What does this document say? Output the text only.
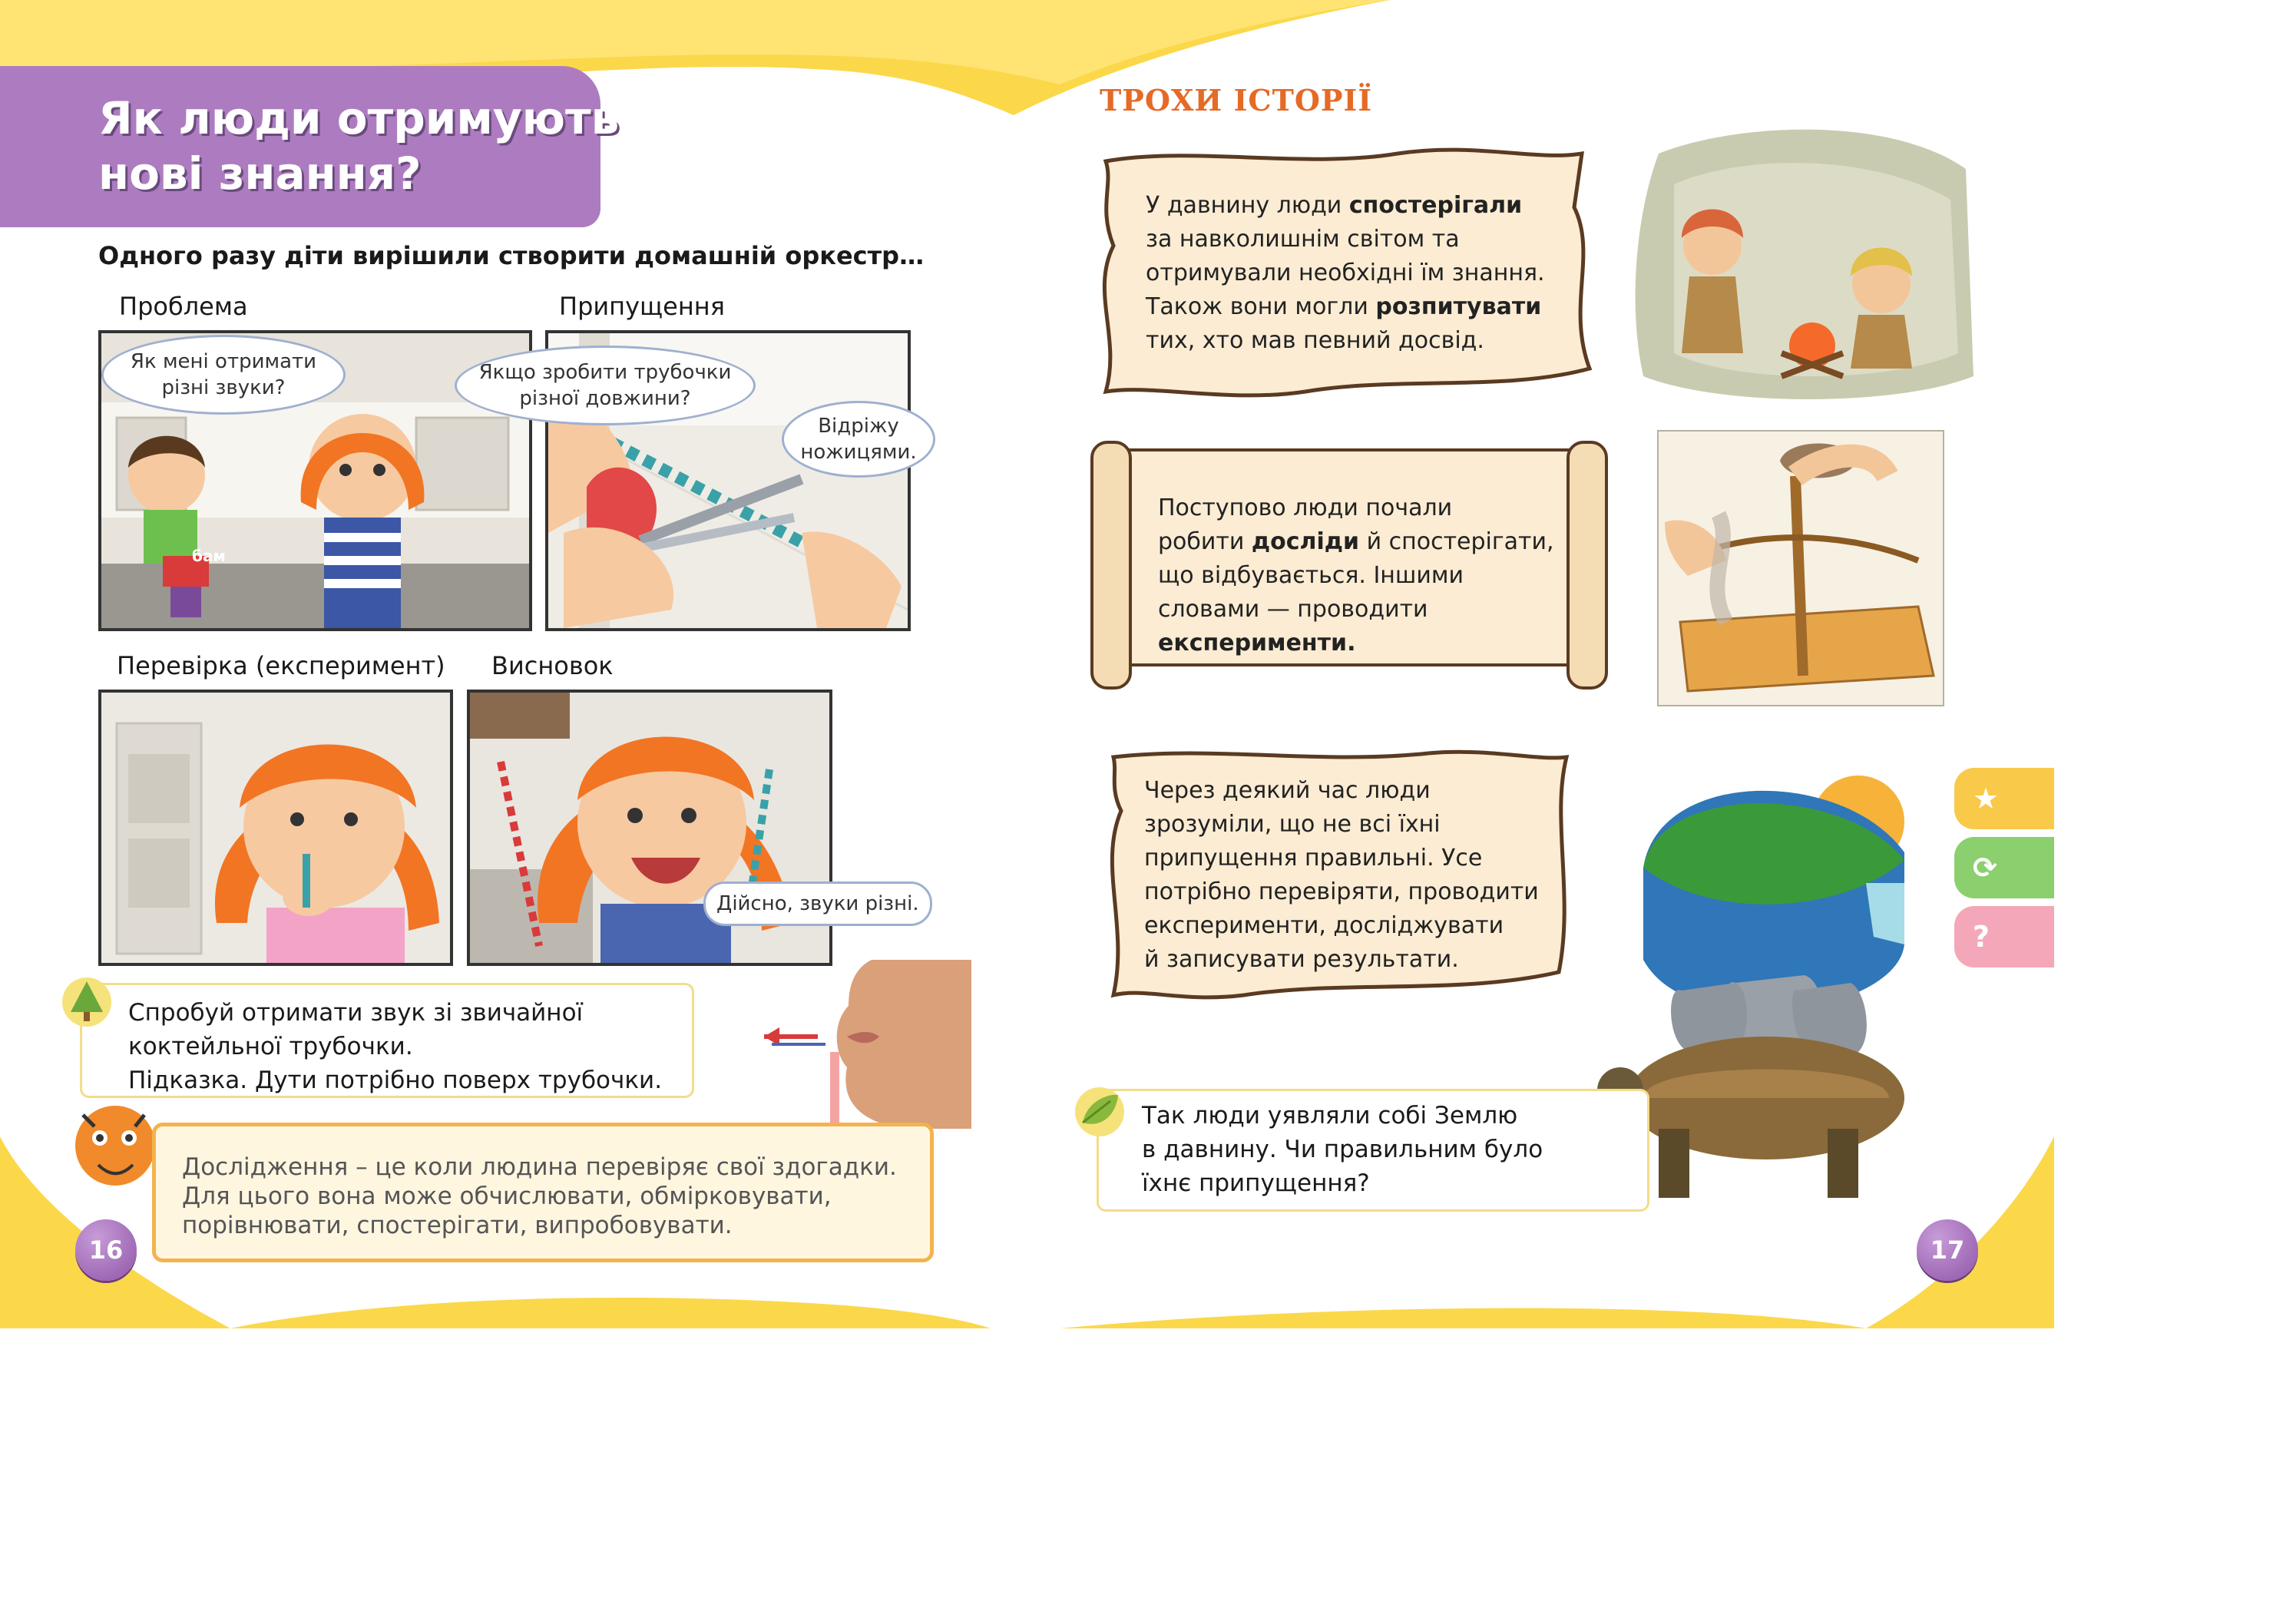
Як люди отримують
нові знання?
Одного разу діти вирішили створити домашній оркестр…
Проблема	Припущення
Перевірка (експеримент) Висновок
Як мені отримати
різні звуки?
Якщо зробити трубочки
різної довжини?
Відріжу
ножицями.
бам
Дійсно, звуки різні.
Спробуй отримати звук зі звичайної
коктейльної трубочки.
Підказка. Дути потрібно поверх трубочки.
Дослідження – це коли людина перевіряє свої здогадки.
Для цього вона може обчислювати, обмірковувати,
порівнювати, спостерігати, випробовувати.
16
ТРОХИ ІСТОРІЇ
У давнину люди спостерігали
за навколишнім світом та
отримували необхідні їм знання.
Також вони могли розпитувати
тих, хто мав певний досвід.
Поступово люди почали
робити досліди й спостерігати,
що відбувається. Іншими
словами — проводити
експерименти.
Через деякий час люди
зрозуміли, що не всі їхні
припущення правильні. Усе
потрібно перевіряти, проводити
експерименти, досліджувати
й записувати результати.
Так люди уявляли собі Землю
в давнину. Чи правильним було
їхнє припущення?
17
★
⟳
?
